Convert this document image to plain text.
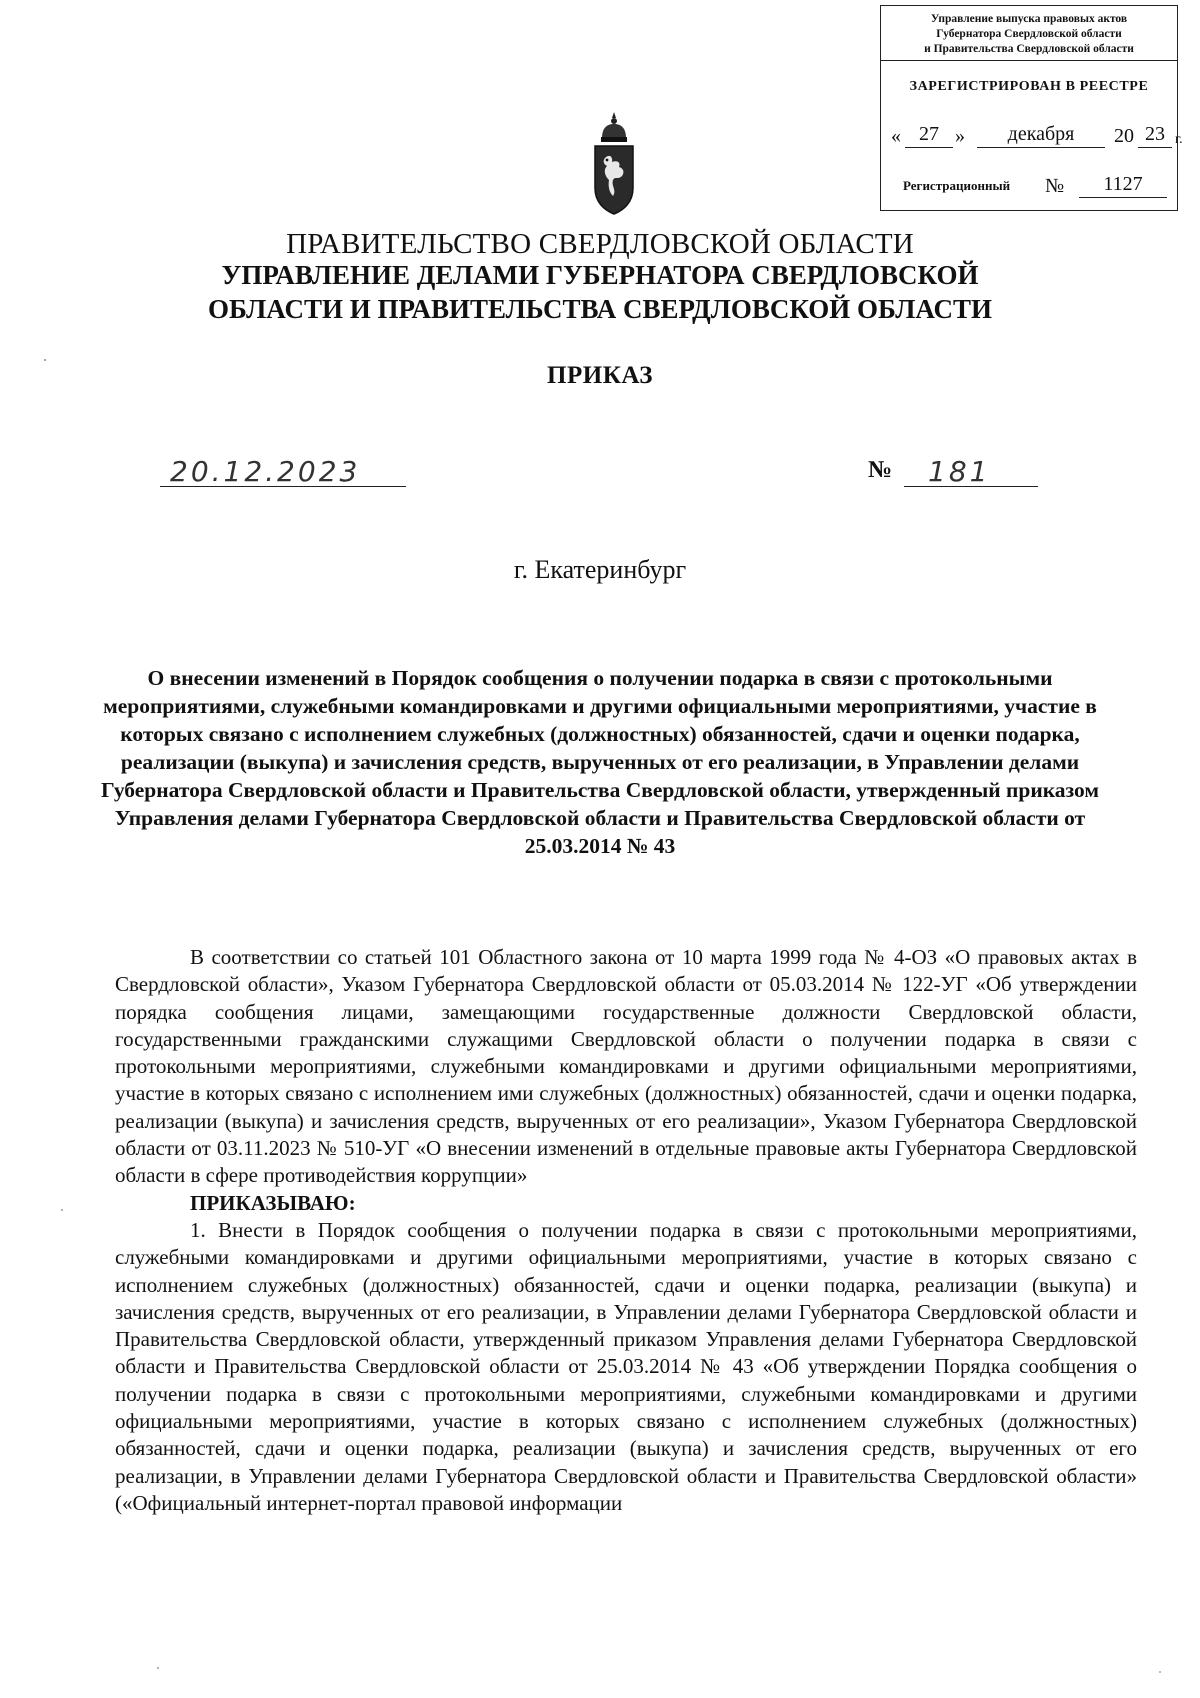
Управление выпуска правовых актов
Губернатора Свердловской области
и Правительства Свердловской области
ЗАРЕГИСТРИРОВАН В РЕЕСТРЕ
« 27 »	декабря	20 23 г.
Регистрационный №	1127
ПРАВИТЕЛЬСТВО СВЕРДЛОВСКОЙ ОБЛАСТИ
УПРАВЛЕНИЕ ДЕЛАМИ ГУБЕРНАТОРА СВЕРДЛОВСКОЙ
ОБЛАСТИ И ПРАВИТЕЛЬСТВА СВЕРДЛОВСКОЙ ОБЛАСТИ
ПРИКАЗ
20.12.2023	№ 181
г. Екатеринбург
О внесении изменений в Порядок сообщения о получении подарка в связи с протокольными мероприятиями, служебными командировками и другими официальными мероприятиями, участие в которых связано с исполнением служебных (должностных) обязанностей, сдачи и оценки подарка, реализации (выкупа) и зачисления средств, вырученных от его реализации, в Управлении делами Губернатора Свердловской области и Правительства Свердловской области, утвержденный приказом Управления делами Губернатора Свердловской области и Правительства Свердловской области от 25.03.2014 № 43

В соответствии со статьей 101 Областного закона от 10 марта 1999 года № 4-ОЗ «О правовых актах в Свердловской области», Указом Губернатора Свердловской области от 05.03.2014 № 122-УГ «Об утверждении порядка сообщения лицами, замещающими государственные должности Свердловской области, государственными гражданскими служащими Свердловской области о получении подарка в связи с протокольными мероприятиями, служебными командировками и другими официальными мероприятиями, участие в которых связано с исполнением ими служебных (должностных) обязанностей, сдачи и оценки подарка, реализации (выкупа) и зачисления средств, вырученных от его реализации», Указом Губернатора Свердловской области от 03.11.2023 № 510-УГ «О внесении изменений в отдельные правовые акты Губернатора Свердловской области в сфере противодействия коррупции»

ПРИКАЗЫВАЮ:

1. Внести в Порядок сообщения о получении подарка в связи с протокольными мероприятиями, служебными командировками и другими официальными мероприятиями, участие в которых связано с исполнением служебных (должностных) обязанностей, сдачи и оценки подарка, реализации (выкупа) и зачисления средств, вырученных от его реализации, в Управлении делами Губернатора Свердловской области и Правительства Свердловской области, утвержденный приказом Управления делами Губернатора Свердловской области и Правительства Свердловской области от 25.03.2014 № 43 «Об утверждении Порядка сообщения о получении подарка в связи с протокольными мероприятиями, служебными командировками и другими официальными мероприятиями, участие в которых связано с исполнением служебных (должностных) обязанностей, сдачи и оценки подарка, реализации (выкупа) и зачисления средств, вырученных от его реализации, в Управлении делами Губернатора Свердловской области и Правительства Свердловской области» («Официальный интернет-портал правовой информации
